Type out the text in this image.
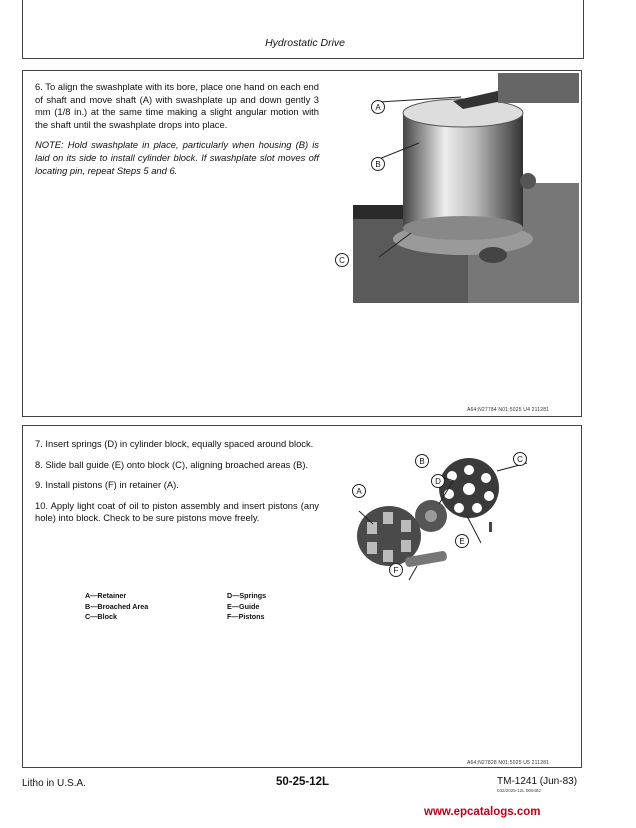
Hydrostatic Drive

6. To align the swashplate with its bore, place one hand on each end of shaft and move shaft (A) with swashplate up and down gently 3 mm (1/8 in.) at the same time making a slight angular motion with the shaft until the swashplate drops into place.

NOTE: Hold swashplate in place, particularly when housing (B) is laid on its side to install cylinder block. If swashplate slot moves off locating pin, repeat Steps 5 and 6.

A
B
C
A64;N27784 N01;5025 U4 211281

7. Insert springs (D) in cylinder block, equally spaced around block.

8. Slide ball guide (E) onto block (C), aligning broached areas (B).

9. Install pistons (F) in retainer (A).

10. Apply light coat of oil to piston assembly and insert pistons (any hole) into block. Check to be sure pistons move freely.

A—Retainer
B—Broached Area
C—Block
D—Springs
E—Guide
F—Pistons
A
B	C
D
E
F
A64;N27828 N01;5025 U5 211281
Litho in U.S.A.	50-25-12L	TM-1241 (Jun-83)
032/2025-12L 000482
www.epcatalogs.com
